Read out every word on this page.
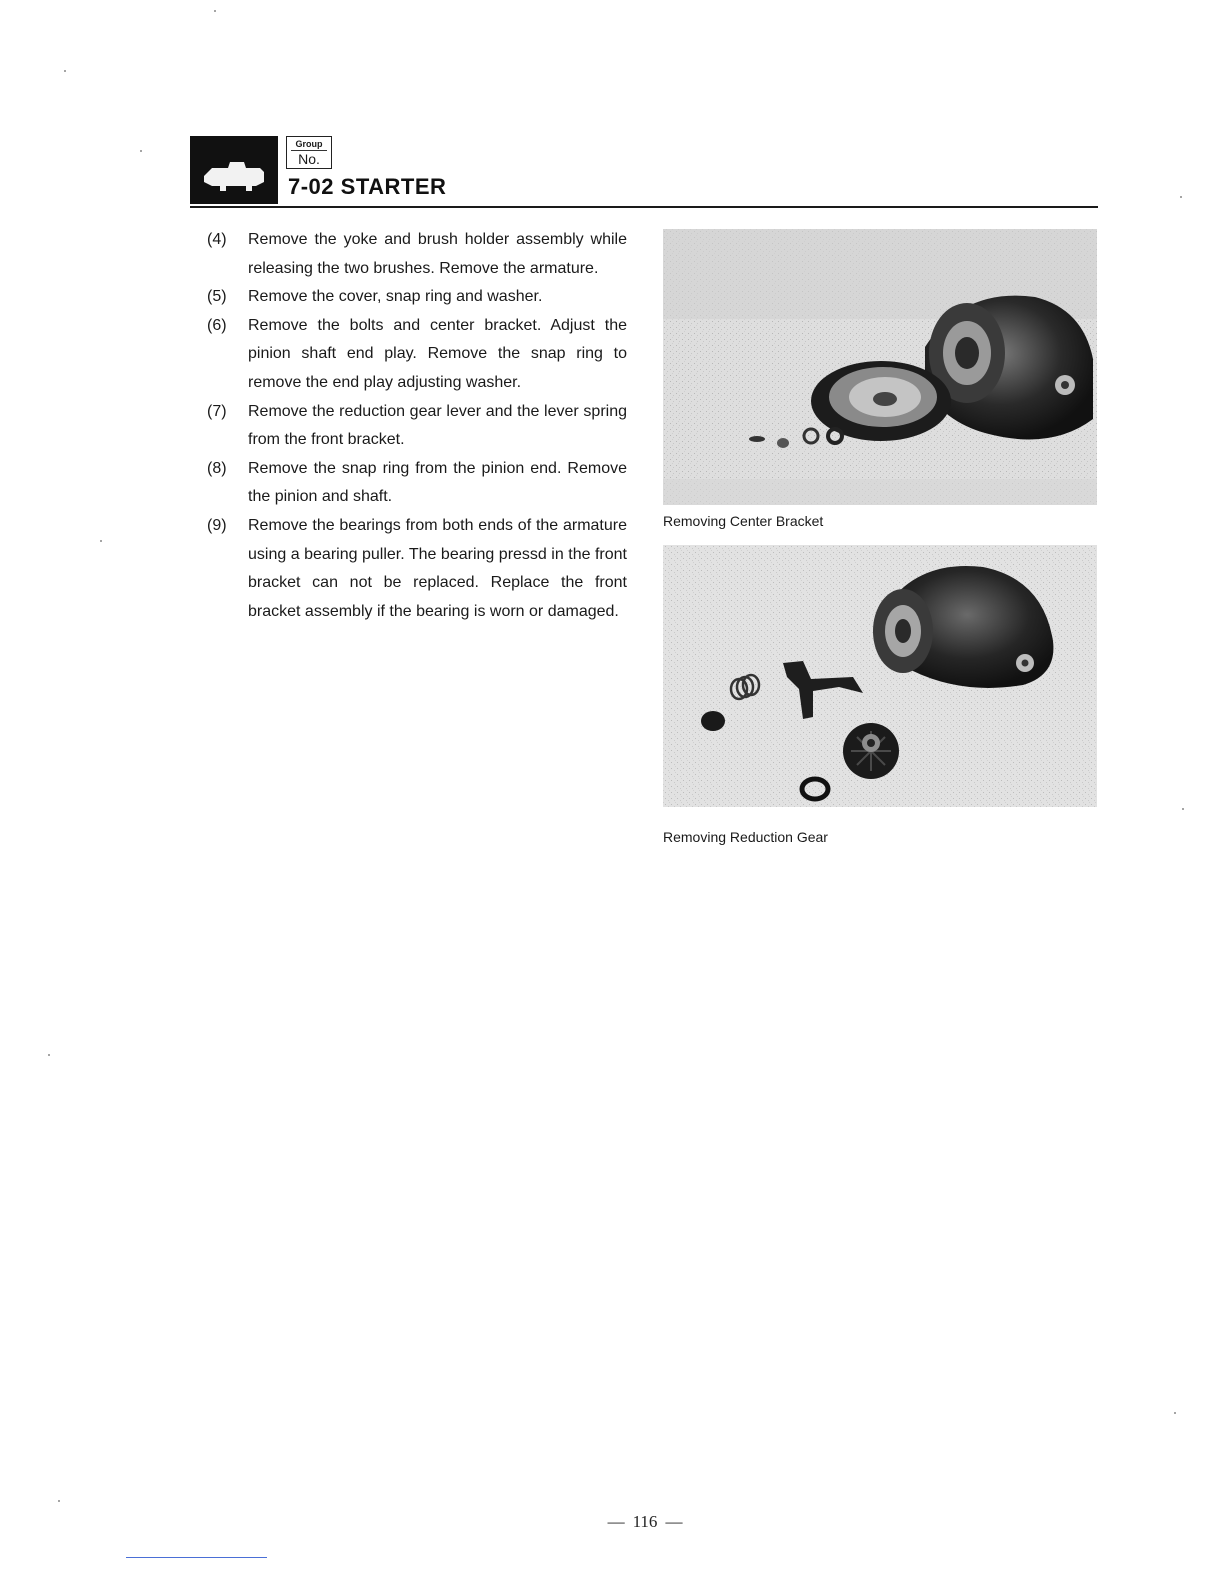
Group
No.
7-02 STARTER
(4) Remove the yoke and brush holder assembly while releasing the two brushes. Remove the armature.
(5) Remove the cover, snap ring and washer.
(6) Remove the bolts and center bracket. Adjust the pinion shaft end play. Remove the snap ring to remove the end play adjusting washer.
(7) Remove the reduction gear lever and the lever spring from the front bracket.
(8) Remove the snap ring from the pinion end. Remove the pinion and shaft.
(9) Remove the bearings from both ends of the armature using a bearing puller. The bearing pressd in the front bracket can not be replaced. Replace the front bracket assembly if the bearing is worn or damaged.
Removing Center Bracket
Removing Reduction Gear
— 116 —
